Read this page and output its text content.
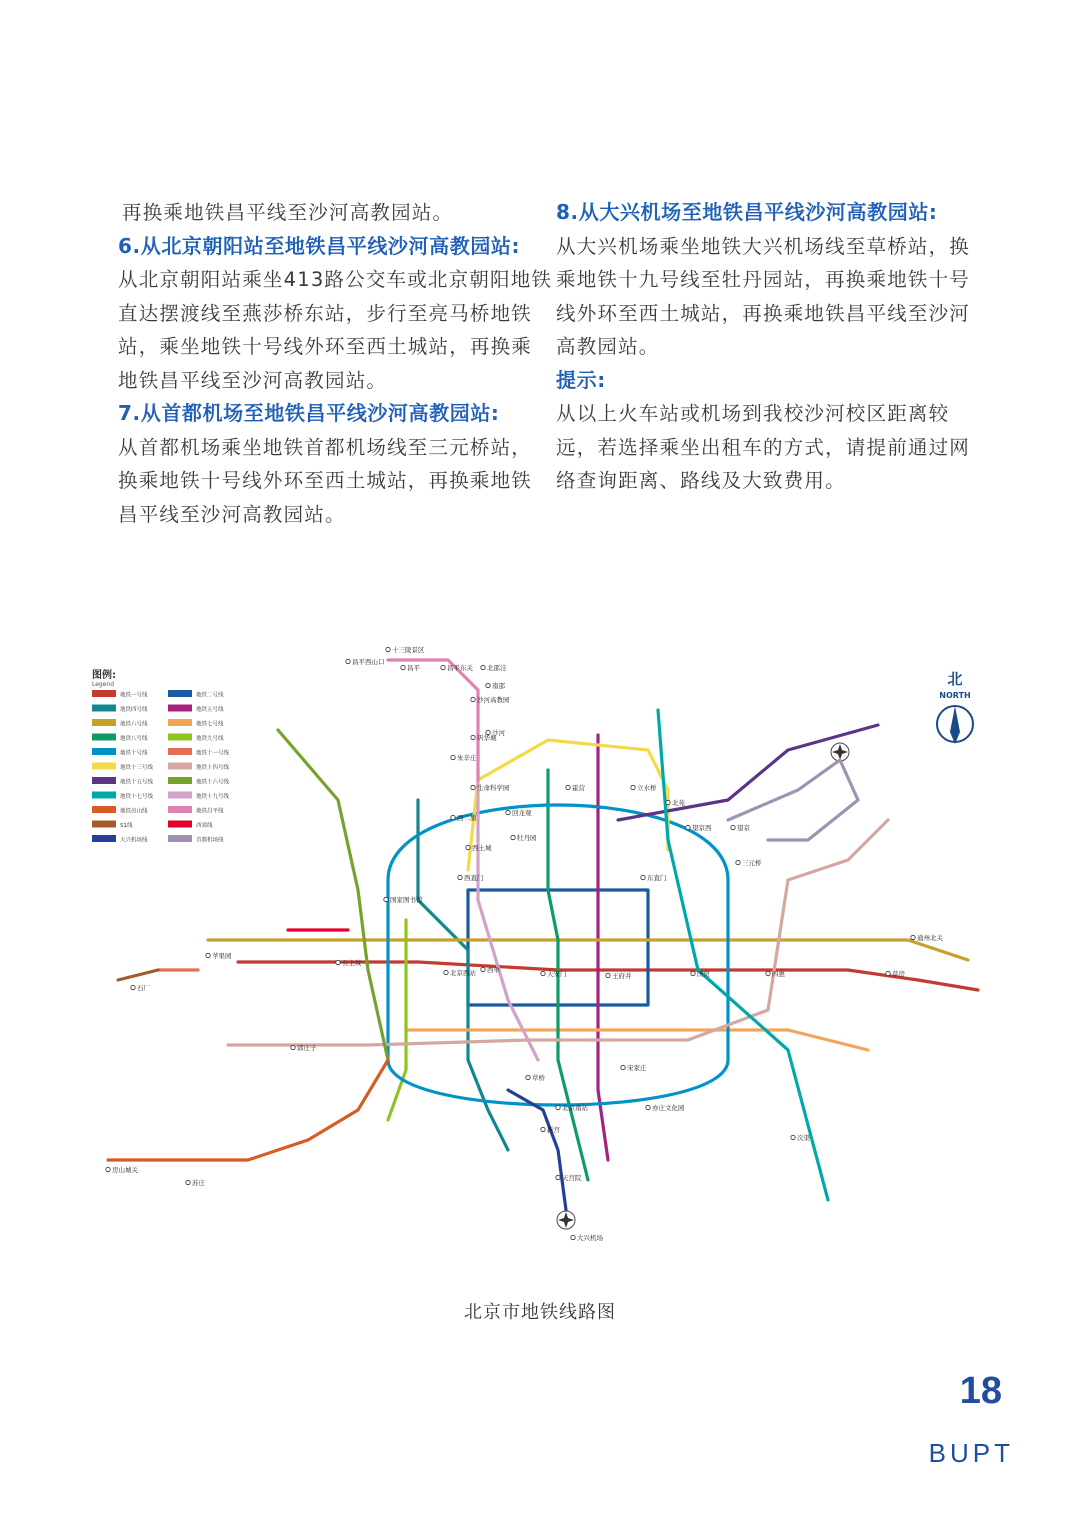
再换乘地铁昌平线至沙河高教园站。

6.从北京朝阳站至地铁昌平线沙河高教园站:

从北京朝阳站乘坐413路公交车或北京朝阳地铁

直达摆渡线至燕莎桥东站，步行至亮马桥地铁

站，乘坐地铁十号线外环至西土城站，再换乘

地铁昌平线至沙河高教园站。

7.从首都机场至地铁昌平线沙河高教园站:

从首都机场乘坐地铁首都机场线至三元桥站，

换乘地铁十号线外环至西土城站，再换乘地铁

昌平线至沙河高教园站。

8.从大兴机场至地铁昌平线沙河高教园站:

从大兴机场乘坐地铁大兴机场线至草桥站，换

乘地铁十九号线至牡丹园站，再换乘地铁十号

线外环至西土城站，再换乘地铁昌平线至沙河

高教园站。

提示:

从以上火车站或机场到我校沙河校区距离较

远，若选择乘坐出租车的方式，请提前通过网

络查询距离、路线及大致费用。

图例:
Legend
地铁一号线	地铁二号线
地铁四号线	地铁五号线
地铁六号线	地铁七号线
地铁八号线	地铁九号线
地铁十号线	地铁十一号线
地铁十三号线	地铁十四号线
地铁十五号线	地铁十六号线
地铁十七号线	地铁十九号线
地铁房山线	地铁昌平线
S1线	西郊线
大兴机场线	首都机场线
北
NORTH
十三陵景区
昌平西山口
昌平	昌平东关 北邵洼
南邵
沙河高教园
沙河
巩华城
朱辛庄
生命科学园
西二旗
回龙观
霍营	立水桥
北苑
望京西	望京
三元桥
东直门
西直门
北京西站
北京南站
大兴机场
西土城
牡丹园
草桥
国家图书馆
公主坟
西单	天安门	王府井	国贸	四惠	草房
通州北关
宋家庄
亦庄文化园
次渠
苹果园
郭庄子
房山城关
苏庄
石厂
新宫
天宫院
北京市地铁线路图
18
BUPT
